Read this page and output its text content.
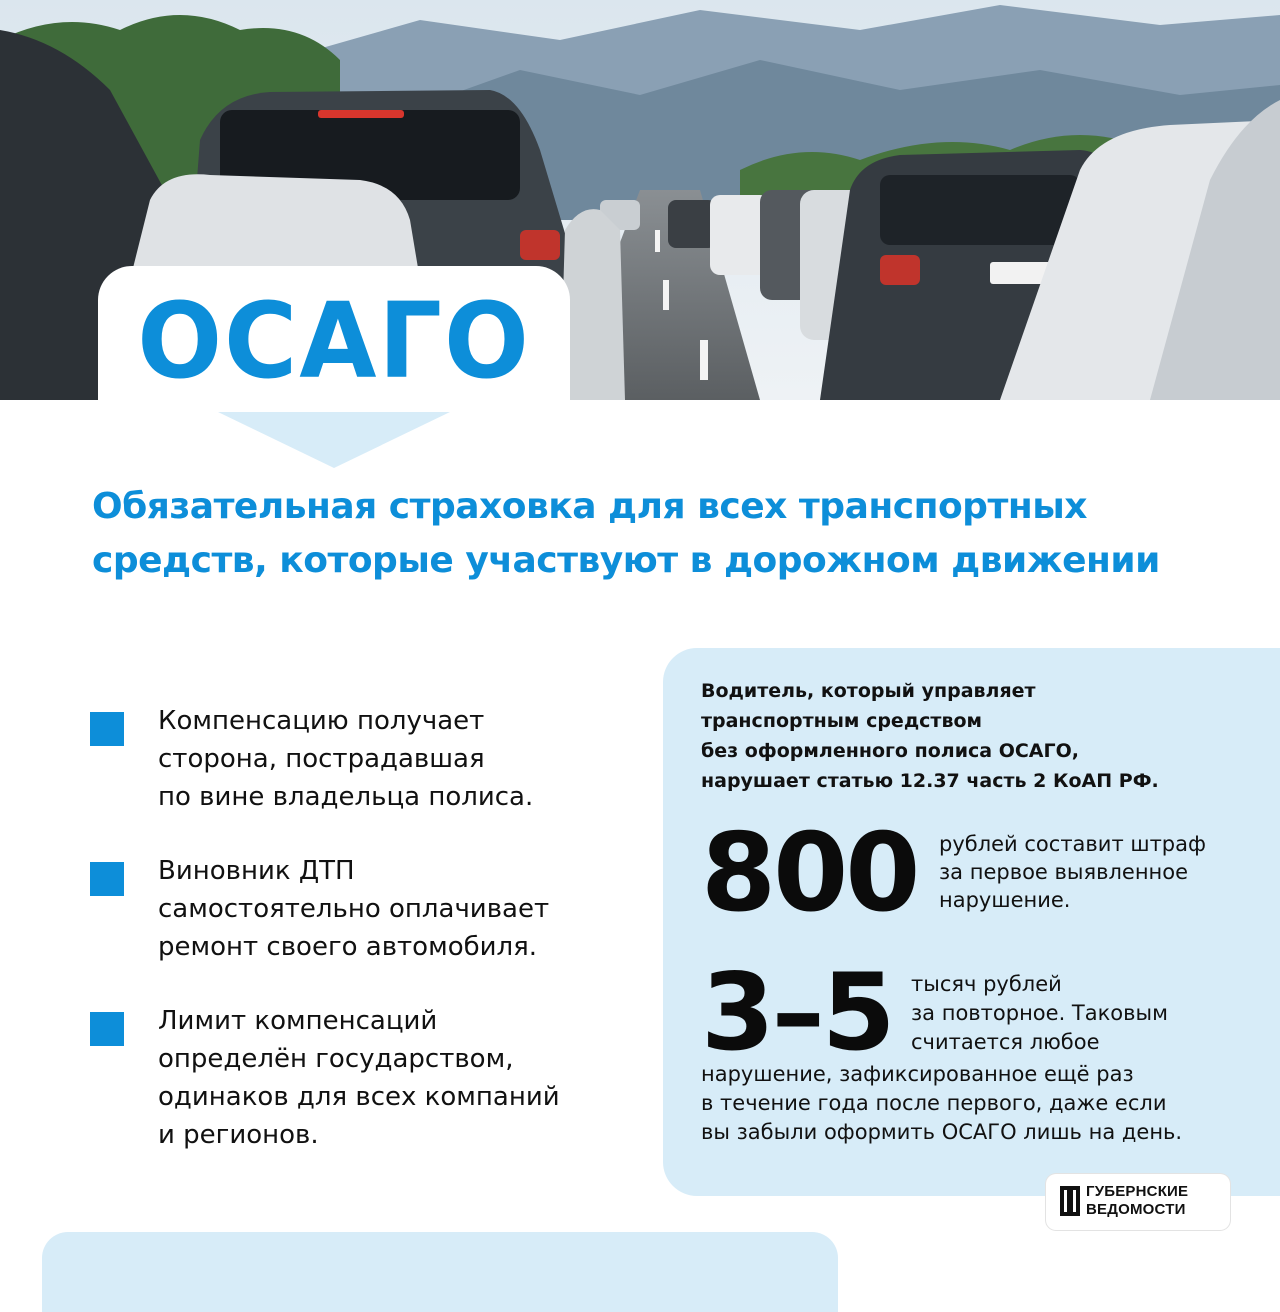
ОСАГО

Обязательная страховка для всех транспортных средств, которые участвуют в дорожном движении

Компенсацию получает
сторона, пострадавшая
по вине владельца полиса.

Виновник ДТП
самостоятельно оплачивает
ремонт своего автомобиля.

Лимит компенсаций
определён государством,
одинаков для всех компаний
и регионов.

Водитель, который управляет
транспортным средством
без оформленного полиса ОСАГО,
нарушает статью 12.37 часть 2 КоАП РФ.

800 рублей составит штраф
за первое выявленное
нарушение.

3–5 тысяч рублей
за повторное. Таковым
считается любое

нарушение, зафиксированное ещё раз
в течение года после первого, даже если
вы забыли оформить ОСАГО лишь на день.

ГУБЕРНСКИЕ
ВЕДОМОСТИ
